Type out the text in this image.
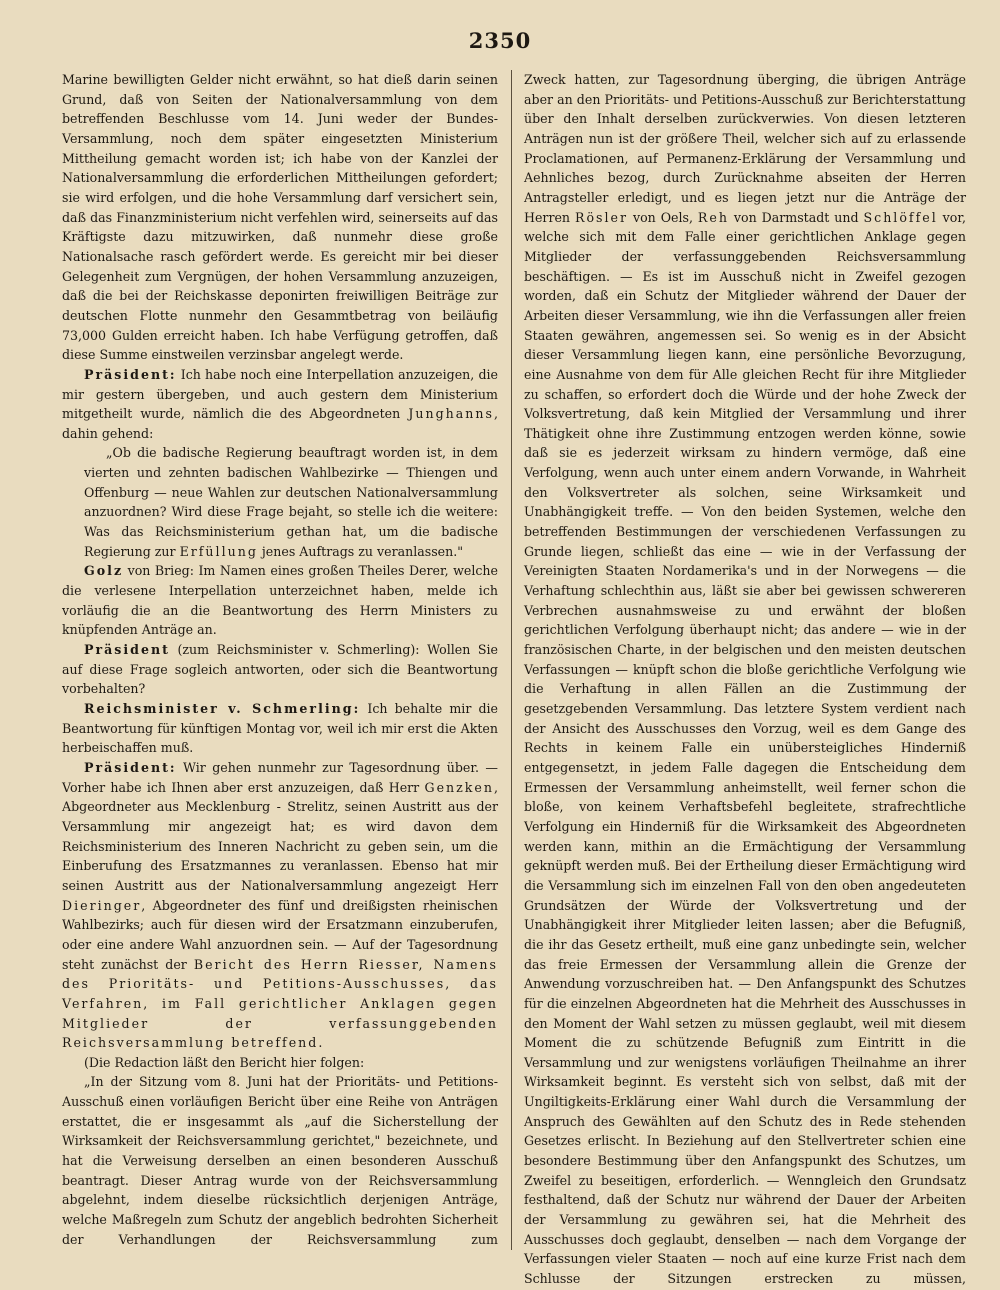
2350

Marine bewilligten Gelder nicht erwähnt, so hat dieß darin seinen Grund, daß von Seiten der Nationalversammlung von dem betreffenden Beschlusse vom 14. Juni weder der Bundes-Versammlung, noch dem später eingesetzten Ministerium Mittheilung gemacht worden ist; ich habe von der Kanzlei der Nationalversammlung die erforderlichen Mittheilungen gefordert; sie wird erfolgen, und die hohe Versammlung darf versichert sein, daß das Finanzministerium nicht verfehlen wird, seinerseits auf das Kräftigste dazu mitzuwirken, daß nunmehr diese große Nationalsache rasch gefördert werde. Es gereicht mir bei dieser Gelegenheit zum Vergnügen, der hohen Versammlung anzuzeigen, daß die bei der Reichskasse deponirten freiwilligen Beiträge zur deutschen Flotte nunmehr den Gesammtbetrag von beiläufig 73,000 Gulden erreicht haben. Ich habe Verfügung getroffen, daß diese Summe einstweilen verzinsbar angelegt werde.

Präsident: Ich habe noch eine Interpellation anzuzeigen, die mir gestern übergeben, und auch gestern dem Ministerium mitgetheilt wurde, nämlich die des Abgeordneten Junghanns, dahin gehend:

„Ob die badische Regierung beauftragt worden ist, in dem vierten und zehnten badischen Wahlbezirke — Thiengen und Offenburg — neue Wahlen zur deutschen Nationalversammlung anzuordnen? Wird diese Frage bejaht, so stelle ich die weitere: Was das Reichsministerium gethan hat, um die badische Regierung zur Erfüllung jenes Auftrags zu veranlassen."

Golz von Brieg: Im Namen eines großen Theiles Derer, welche die verlesene Interpellation unterzeichnet haben, melde ich vorläufig die an die Beantwortung des Herrn Ministers zu knüpfenden Anträge an.

Präsident (zum Reichsminister v. Schmerling): Wollen Sie auf diese Frage sogleich antworten, oder sich die Beantwortung vorbehalten?

Reichsminister v. Schmerling: Ich behalte mir die Beantwortung für künftigen Montag vor, weil ich mir erst die Akten herbeischaffen muß.

Präsident: Wir gehen nunmehr zur Tagesordnung über. — Vorher habe ich Ihnen aber erst anzuzeigen, daß Herr Genzken, Abgeordneter aus Mecklenburg - Strelitz, seinen Austritt aus der Versammlung mir angezeigt hat; es wird davon dem Reichsministerium des Inneren Nachricht zu geben sein, um die Einberufung des Ersatzmannes zu veranlassen. Ebenso hat mir seinen Austritt aus der Nationalversammlung angezeigt Herr Dieringer, Abgeordneter des fünf und dreißigsten rheinischen Wahlbezirks; auch für diesen wird der Ersatzmann einzuberufen, oder eine andere Wahl anzuordnen sein. — Auf der Tagesordnung steht zunächst der Bericht des Herrn Riesser, Namens des Prioritäts- und Petitions-Ausschusses, das Verfahren, im Fall gerichtlicher Anklagen gegen Mitglieder der verfassunggebenden Reichsversammlung betreffend.

(Die Redaction läßt den Bericht hier folgen:

„In der Sitzung vom 8. Juni hat der Prioritäts- und Petitions-Ausschuß einen vorläufigen Bericht über eine Reihe von Anträgen erstattet, die er insgesammt als „auf die Sicherstellung der Wirksamkeit der Reichsversammlung gerichtet," bezeichnete, und hat die Verweisung derselben an einen besonderen Ausschuß beantragt. Dieser Antrag wurde von der Reichsversammlung abgelehnt, indem dieselbe rücksichtlich derjenigen Anträge, welche Maßregeln zum Schutz der angeblich bedrohten Sicherheit der Verhandlungen der Reichsversammlung zum

Zweck hatten, zur Tagesordnung überging, die übrigen Anträge aber an den Prioritäts- und Petitions-Ausschuß zur Berichterstattung über den Inhalt derselben zurückverwies. Von diesen letzteren Anträgen nun ist der größere Theil, welcher sich auf zu erlassende Proclamationen, auf Permanenz-Erklärung der Versammlung und Aehnliches bezog, durch Zurücknahme abseiten der Herren Antragsteller erledigt, und es liegen jetzt nur die Anträge der Herren Rösler von Oels, Reh von Darmstadt und Schlöffel vor, welche sich mit dem Falle einer gerichtlichen Anklage gegen Mitglieder der verfassunggebenden Reichsversammlung beschäftigen. — Es ist im Ausschuß nicht in Zweifel gezogen worden, daß ein Schutz der Mitglieder während der Dauer der Arbeiten dieser Versammlung, wie ihn die Verfassungen aller freien Staaten gewähren, angemessen sei. So wenig es in der Absicht dieser Versammlung liegen kann, eine persönliche Bevorzugung, eine Ausnahme von dem für Alle gleichen Recht für ihre Mitglieder zu schaffen, so erfordert doch die Würde und der hohe Zweck der Volksvertretung, daß kein Mitglied der Versammlung und ihrer Thätigkeit ohne ihre Zustimmung entzogen werden könne, sowie daß sie es jederzeit wirksam zu hindern vermöge, daß eine Verfolgung, wenn auch unter einem andern Vorwande, in Wahrheit den Volksvertreter als solchen, seine Wirksamkeit und Unabhängigkeit treffe. — Von den beiden Systemen, welche den betreffenden Bestimmungen der verschiedenen Verfassungen zu Grunde liegen, schließt das eine — wie in der Verfassung der Vereinigten Staaten Nordamerika's und in der Norwegens — die Verhaftung schlechthin aus, läßt sie aber bei gewissen schwereren Verbrechen ausnahmsweise zu und erwähnt der bloßen gerichtlichen Verfolgung überhaupt nicht; das andere — wie in der französischen Charte, in der belgischen und den meisten deutschen Verfassungen — knüpft schon die bloße gerichtliche Verfolgung wie die Verhaftung in allen Fällen an die Zustimmung der gesetzgebenden Versammlung. Das letztere System verdient nach der Ansicht des Ausschusses den Vorzug, weil es dem Gange des Rechts in keinem Falle ein unübersteigliches Hinderniß entgegensetzt, in jedem Falle dagegen die Entscheidung dem Ermessen der Versammlung anheimstellt, weil ferner schon die bloße, von keinem Verhaftsbefehl begleitete, strafrechtliche Verfolgung ein Hinderniß für die Wirksamkeit des Abgeordneten werden kann, mithin an die Ermächtigung der Versammlung geknüpft werden muß. Bei der Ertheilung dieser Ermächtigung wird die Versammlung sich im einzelnen Fall von den oben angedeuteten Grundsätzen der Würde der Volksvertretung und der Unabhängigkeit ihrer Mitglieder leiten lassen; aber die Befugniß, die ihr das Gesetz ertheilt, muß eine ganz unbedingte sein, welcher das freie Ermessen der Versammlung allein die Grenze der Anwendung vorzuschreiben hat. — Den Anfangspunkt des Schutzes für die einzelnen Abgeordneten hat die Mehrheit des Ausschusses in den Moment der Wahl setzen zu müssen geglaubt, weil mit diesem Moment die zu schützende Befugniß zum Eintritt in die Versammlung und zur wenigstens vorläufigen Theilnahme an ihrer Wirksamkeit beginnt. Es versteht sich von selbst, daß mit der Ungiltigkeits-Erklärung einer Wahl durch die Versammlung der Anspruch des Gewählten auf den Schutz des in Rede stehenden Gesetzes erlischt. In Beziehung auf den Stellvertreter schien eine besondere Bestimmung über den Anfangspunkt des Schutzes, um Zweifel zu beseitigen, erforderlich. — Wenngleich den Grundsatz festhaltend, daß der Schutz nur während der Dauer der Arbeiten der Versammlung zu gewähren sei, hat die Mehrheit des Ausschusses doch geglaubt, denselben — nach dem Vorgange der Verfassungen vieler Staaten — noch auf eine kurze Frist nach dem Schlusse der Sitzungen erstrecken zu müssen,
